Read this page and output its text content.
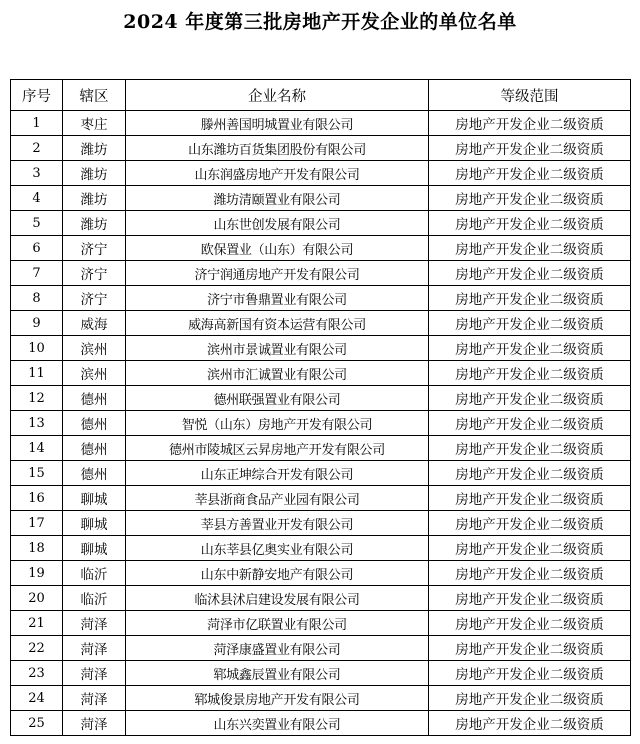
2024 年度第三批房地产开发企业的单位名单
序号	辖区	企业名称	等级范围
1	枣庄	滕州善国明城置业有限公司	房地产开发企业二级资质
2	潍坊	山东潍坊百货集团股份有限公司	房地产开发企业二级资质
3	潍坊	山东润盛房地产开发有限公司	房地产开发企业二级资质
4	潍坊	潍坊清颐置业有限公司	房地产开发企业二级资质
5	潍坊	山东世创发展有限公司	房地产开发企业二级资质
6	济宁	欧保置业（山东）有限公司	房地产开发企业二级资质
7	济宁	济宁润通房地产开发有限公司	房地产开发企业二级资质
8	济宁	济宁市鲁鼎置业有限公司	房地产开发企业二级资质
9	威海	威海高新国有资本运营有限公司	房地产开发企业二级资质
10	滨州	滨州市景诚置业有限公司	房地产开发企业二级资质
11	滨州	滨州市汇诚置业有限公司	房地产开发企业二级资质
12	德州	德州联强置业有限公司	房地产开发企业二级资质
13	德州	智悦（山东）房地产开发有限公司	房地产开发企业二级资质
14	德州	德州市陵城区云昇房地产开发有限公司	房地产开发企业二级资质
15	德州	山东正坤综合开发有限公司	房地产开发企业二级资质
16	聊城	莘县浙商食品产业园有限公司	房地产开发企业二级资质
17	聊城	莘县方善置业开发有限公司	房地产开发企业二级资质
18	聊城	山东莘县亿奥实业有限公司	房地产开发企业二级资质
19	临沂	山东中新静安地产有限公司	房地产开发企业二级资质
20	临沂	临沭县沭启建设发展有限公司	房地产开发企业二级资质
21	菏泽	菏泽市亿联置业有限公司	房地产开发企业二级资质
22	菏泽	菏泽康盛置业有限公司	房地产开发企业二级资质
23	菏泽	郓城鑫辰置业有限公司	房地产开发企业二级资质
24	菏泽	郓城俊景房地产开发有限公司	房地产开发企业二级资质
25	菏泽	山东兴奕置业有限公司	房地产开发企业二级资质
